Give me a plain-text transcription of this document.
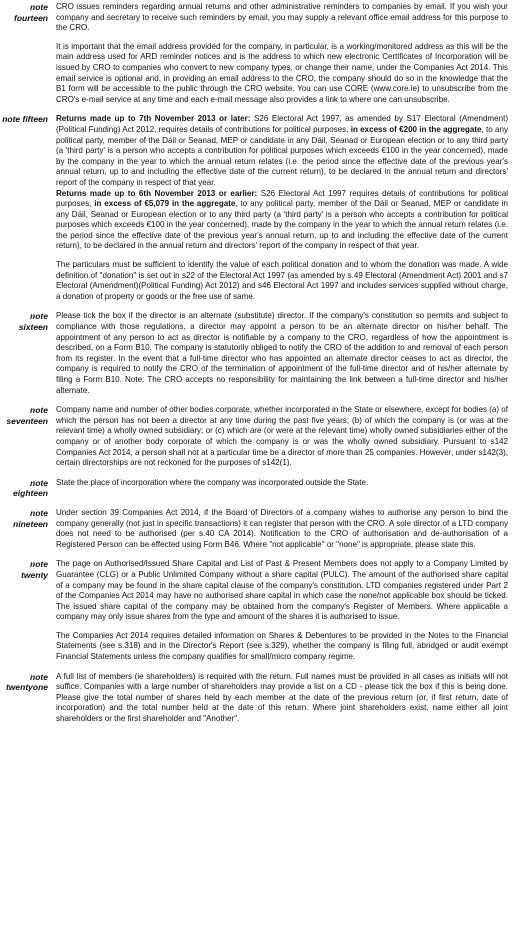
note
fourteen

CRO issues reminders regarding annual returns and other administrative reminders to companies by email. If you wish your company and secretary to receive such reminders by email, you may supply a relevant office email address for this purpose to the CRO.

It is important that the email address provided for the company, in particular, is a working/monitored address as this will be the main address used for ARD reminder notices and is the address to which new electronic Certificates of Incorporation will be issued by CRO to companies who convert to new company types, or change their name, under the Companies Act 2014. This email service is optional and, in providing an email address to the CRO, the company should do so in the knowledge that the B1 form will be accessible to the public through the CRO website. You can use CORE (www.core.ie) to unsubscribe from the CRO's e-mail service at any time and each e-mail message also provides a link to where one can unsubscribe.

note fifteen Returns made up to 7th November 2013 or later: S26 Electoral Act 1997, as amended by S17 Electoral (Amendment)(Political Funding) Act 2012, requires details of contributions for political purposes, in excess of €200 in the aggregate, to any political party, member of the Dáil or Seanad, MEP or candidate in any Dáil, Seanad or European election or to any third party (a 'third party' is a person who accepts a contribution for political purposes which exceeds €100 in the year concerned), made by the company in the year to which the annual return relates (i.e. the period since the effective date of the previous year's annual return, up to and including the effective date of the current return), to be declared in the annual return and directors' report of the company in respect of that year.

Returns made up to 6th November 2013 or earlier: S26 Electoral Act 1997 requires details of contributions for political purposes, in excess of €5,079 in the aggregate, to any political party, member of the Dáil or Seanad, MEP or candidate in any Dáil, Seanad or European election or to any third party (a 'third party' is a person who accepts a contribution for political purposes which exceeds €100 in the year concerned), made by the company in the year to which the annual return relates (i.e. the period since the effective date of the previous year's annual return, up to and including the effective date of the current return), to be declared in the annual return and directors' report of the company in respect of that year.

The particulars must be sufficient to identify the value of each political donation and to whom the donation was made. A wide definition of "donation" is set out in s22 of the Electoral Act 1997 (as amended by s.49 Electoral (Amendment Act) 2001 and s7 Electoral (Amendment)(Political Funding) Act 2012) and s46 Electoral Act 1997 and includes services supplied without charge, a donation of property or goods or the free use of same.

note
sixteen

Please tick the box if the director is an alternate (substitute) director. If the company's constitution so permits and subject to compliance with those regulations, a director may appoint a person to be an alternate director on his/her behalf. The appointment of any person to act as director is notifiable by a company to the CRO, regardless of how the appointment is described, on a Form B10. The company is statutorily obliged to notify the CRO of the addition to and removal of each person from its register. In the event that a full-time director who has appointed an alternate director ceases to act as director, the company is required to notify the CRO of the termination of appointment of the full-time director and of his/her alternate by filing a Form B10. Note: The CRO accepts no responsibility for maintaining the link between a full-time director and his/her alternate.

note
seventeen

Company name and number of other bodies corporate, whether incorporated in the State or elsewhere, except for bodies (a) of which the person has not been a director at any time during the past five years; (b) of which the company is (or was at the relevant time) a wholly owned subsidiary; or (c) which are (or were at the relevant time) wholly owned subsidiaries either of the company or of another body corporate of which the company is or was the wholly owned subsidiary. Pursuant to s142 Companies Act 2014, a person shall not at a particular time be a director of more than 25 companies. However, under s142(3), certain directorships are not reckoned for the purposes of s142(1).

note
eighteen

State the place of incorporation where the company was incorporated outside the State.

note
nineteen

Under section 39 Companies Act 2014, if the Board of Directors of a company wishes to authorise any person to bind the company generally (not just in specific transactions) it can register that person with the CRO. A sole director of a LTD company does not need to be authorised (per s.40 CA 2014). Notification to the CRO of authorisation and de-authorisation of a Registered Person can be effected using Form B46. Where "not applicable" or "none" is appropriate, please state this.

note
twenty

The page on Authorised/Issued Share Capital and List of Past & Present Members does not apply to a Company Limited by Guarantee (CLG) or a Public Unlimited Company without a share capital (PULC). The amount of the authorised share capital of a company may be found in the share capital clause of the company's constitution. LTD companies registered under Part 2 of the Companies Act 2014 may have no authorised share capital in which case the none/not applicable box should be ticked. The issued share capital of the company may be obtained from the company's Register of Members. Where applicable a company may only issue shares from the type and amount of the shares it is authorised to issue.

The Companies Act 2014 requires detailed information on Shares & Debentures to be provided in the Notes to the Financial Statements (see s.318) and in the Director's Report (see s.329), whether the company is filing full, abridged or audit exempt Financial Statements unless the company qualifies for small/micro company regime.

note
twentyone

A full list of members (ie shareholders) is required with the return. Full names must be provided in all cases as initials will not suffice. Companies with a large number of shareholders may provide a list on a CD - please tick the box if this is being done. Please give the total number of shares held by each member at the date of the previous return (or, if first return, date of incorporation) and the total number held at the date of this return. Where joint shareholders exist, name either all joint shareholders or the first shareholder and "Another".
